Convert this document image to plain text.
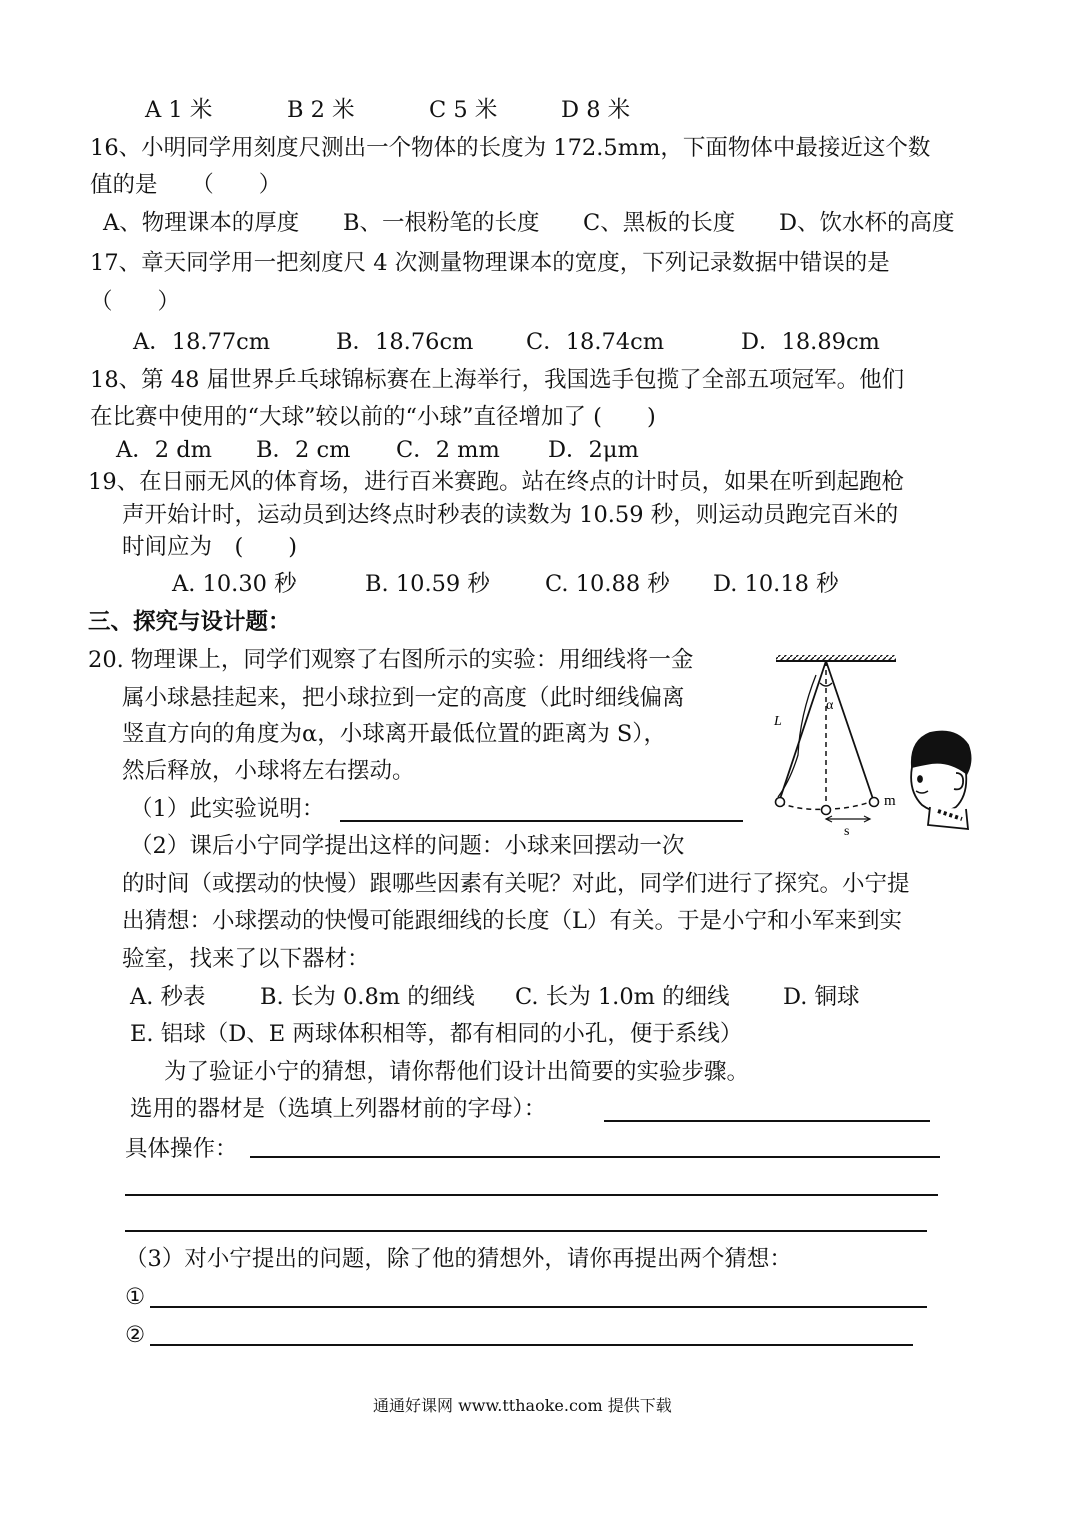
A 1 米	B 2 米	C 5 米	D 8 米
16、小明同学用刻度尺测出一个物体的长度为 172.5mm，下面物体中最接近这个数
值的是　　（　　）
A、物理课本的厚度 B、一根粉笔的长度 C、黑板的长度 D、饮水杯的高度
17、章天同学用一把刻度尺 4 次测量物理课本的宽度，下列记录数据中错误的是
（　　）
A．18.77cm	B．18.76cm C．18.74cm	D．18.89cm
18、第 48 届世界乒乓球锦标赛在上海举行，我国选手包揽了全部五项冠军。他们
在比赛中使用的“大球”较以前的“小球”直径增加了 (　　)
A．2 dm B．2 cm C．2 mm D．2μm
19、在日丽无风的体育场，进行百米赛跑。站在终点的计时员，如果在听到起跑枪
声开始计时，运动员到达终点时秒表的读数为 10.59 秒，则运动员跑完百米的
时间应为　(　　)
A. 10.30 秒	B. 10.59 秒 C. 10.88 秒 D. 10.18 秒
三、探究与设计题：
20. 物理课上，同学们观察了右图所示的实验：用细线将一金
属小球悬挂起来，把小球拉到一定的高度（此时细线偏离
竖直方向的角度为α，小球离开最低位置的距离为 S），
然后释放，小球将左右摆动。
L
α
m
s
（1）此实验说明：
（2）课后小宁同学提出这样的问题：小球来回摆动一次
的时间（或摆动的快慢）跟哪些因素有关呢？对此，同学们进行了探究。小宁提
出猜想：小球摆动的快慢可能跟细线的长度（L）有关。于是小宁和小军来到实
验室，找来了以下器材：
A. 秒表 B. 长为 0.8m 的细线 C. 长为 1.0m 的细线 D. 铜球
E. 铝球（D、E 两球体积相等，都有相同的小孔，便于系线）
为了验证小宁的猜想，请你帮他们设计出简要的实验步骤。
选用的器材是（选填上列器材前的字母）：
具体操作：
（3）对小宁提出的问题，除了他的猜想外，请你再提出两个猜想：
①
②
通通好课网 www.tthaoke.com 提供下载
